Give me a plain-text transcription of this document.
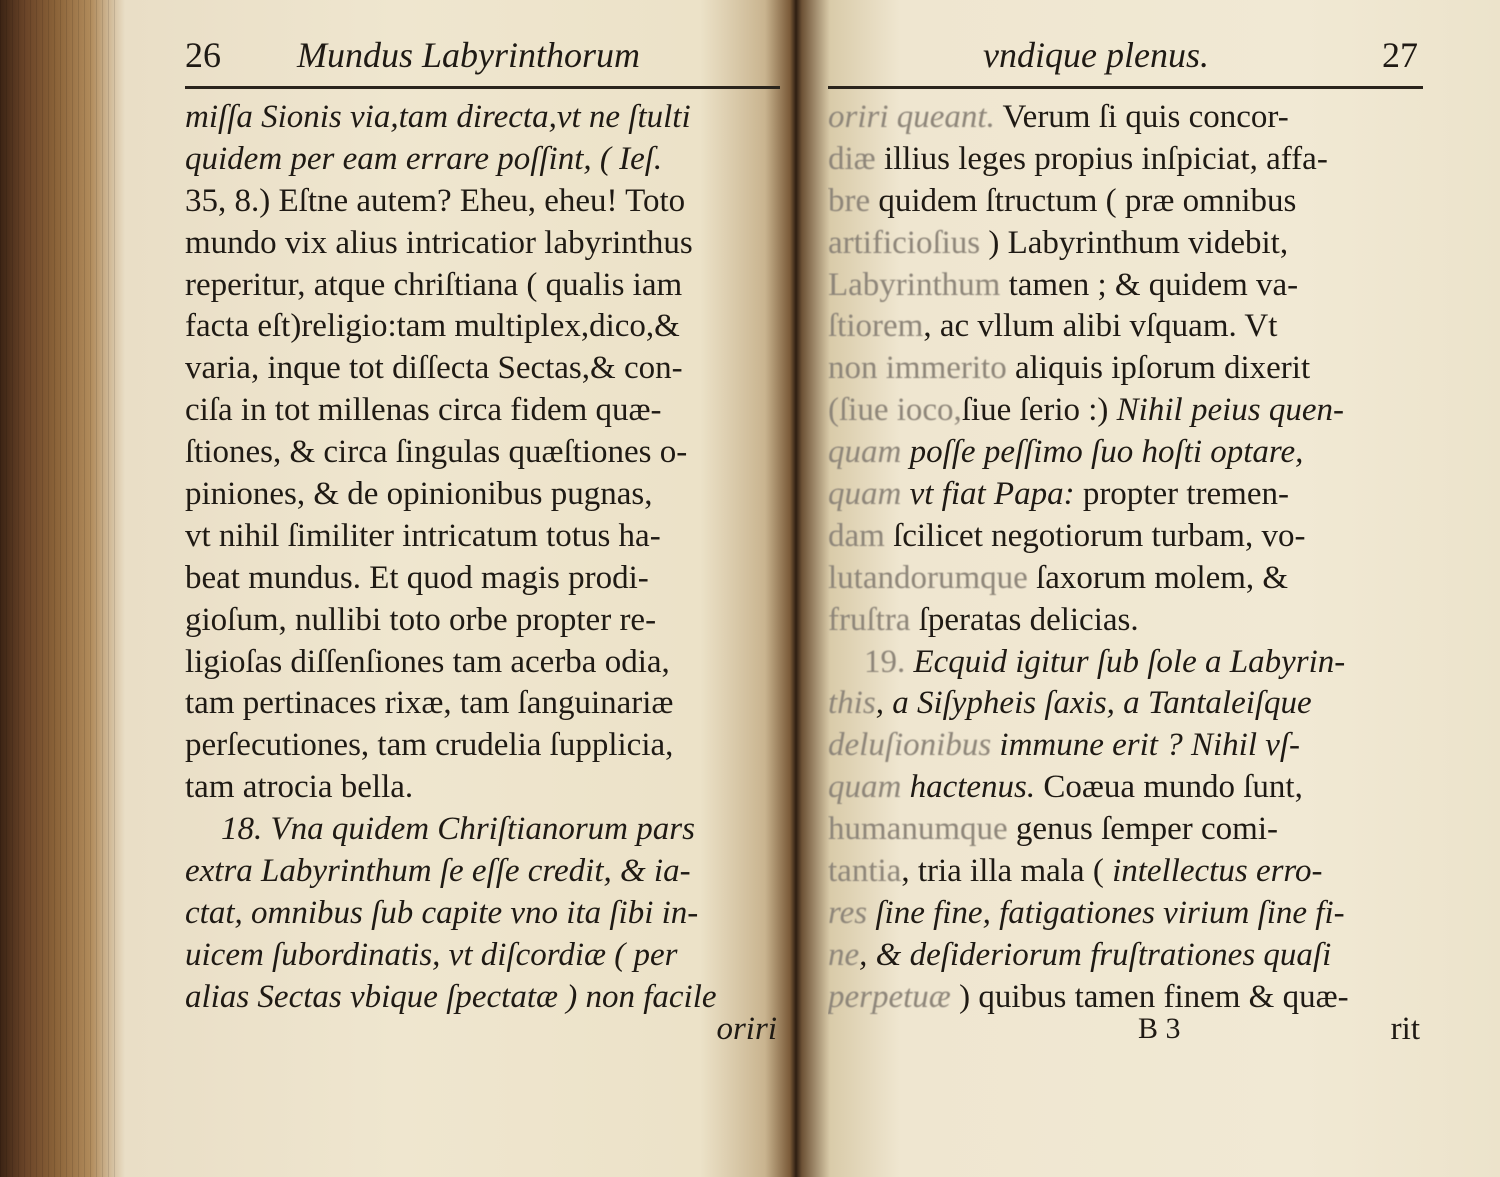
26 Mundus Labyrinthorum
miſſa Sionis via,tam directa,vt ne ſtulti
quidem per eam errare poſſint, ( Ieſ.
35, 8.) Eſtne autem? Eheu, eheu! Toto
mundo vix alius intricatior labyrinthus
reperitur, atque chriſtiana ( qualis iam
facta eſt)religio:tam multiplex,dico,&
varia, inque tot diſſecta Sectas,& con-
ciſa in tot millenas circa fidem quæ-
ſtiones, & circa ſingulas quæſtiones o-
piniones, & de opinionibus pugnas,
vt nihil ſimiliter intricatum totus ha-
beat mundus. Et quod magis prodi-
gioſum, nullibi toto orbe propter re-
ligioſas diſſenſiones tam acerba odia,
tam pertinaces rixæ, tam ſanguinariæ
perſecutiones, tam crudelia ſupplicia,
tam atrocia bella.
18. Vna quidem Chriſtianorum pars
extra Labyrinthum ſe eſſe credit, & ia-
ctat, omnibus ſub capite vno ita ſibi in-
uicem ſubordinatis, vt diſcordiæ ( per
alias Sectas vbique ſpectatæ ) non facile
oriri
vndique plenus.	27
oriri queant. Verum ſi quis concor-
diæ illius leges propius inſpiciat, affa-
bre quidem ſtructum ( præ omnibus
artificioſius ) Labyrinthum videbit,
Labyrinthum tamen ; & quidem va-
ſtiorem, ac vllum alibi vſquam. Vt
non immerito aliquis ipſorum dixerit
(ſiue ioco,ſiue ſerio :) Nihil peius quen-
quam poſſe peſſimo ſuo hoſti optare,
quam vt fiat Papa: propter tremen-
dam ſcilicet negotiorum turbam, vo-
lutandorumque ſaxorum molem, &
fruſtra ſperatas delicias.
19. Ecquid igitur ſub ſole a Labyrin-
this, a Siſypheis ſaxis, a Tantaleiſque
deluſionibus immune erit ? Nihil vſ-
quam hactenus. Coæua mundo ſunt,
humanumque genus ſemper comi-
tantia, tria illa mala ( intellectus erro-
res ſine fine, fatigationes virium ſine fi-
ne, & deſideriorum fruſtrationes quaſi
perpetuæ ) quibus tamen finem & quæ-
B 3	rit
